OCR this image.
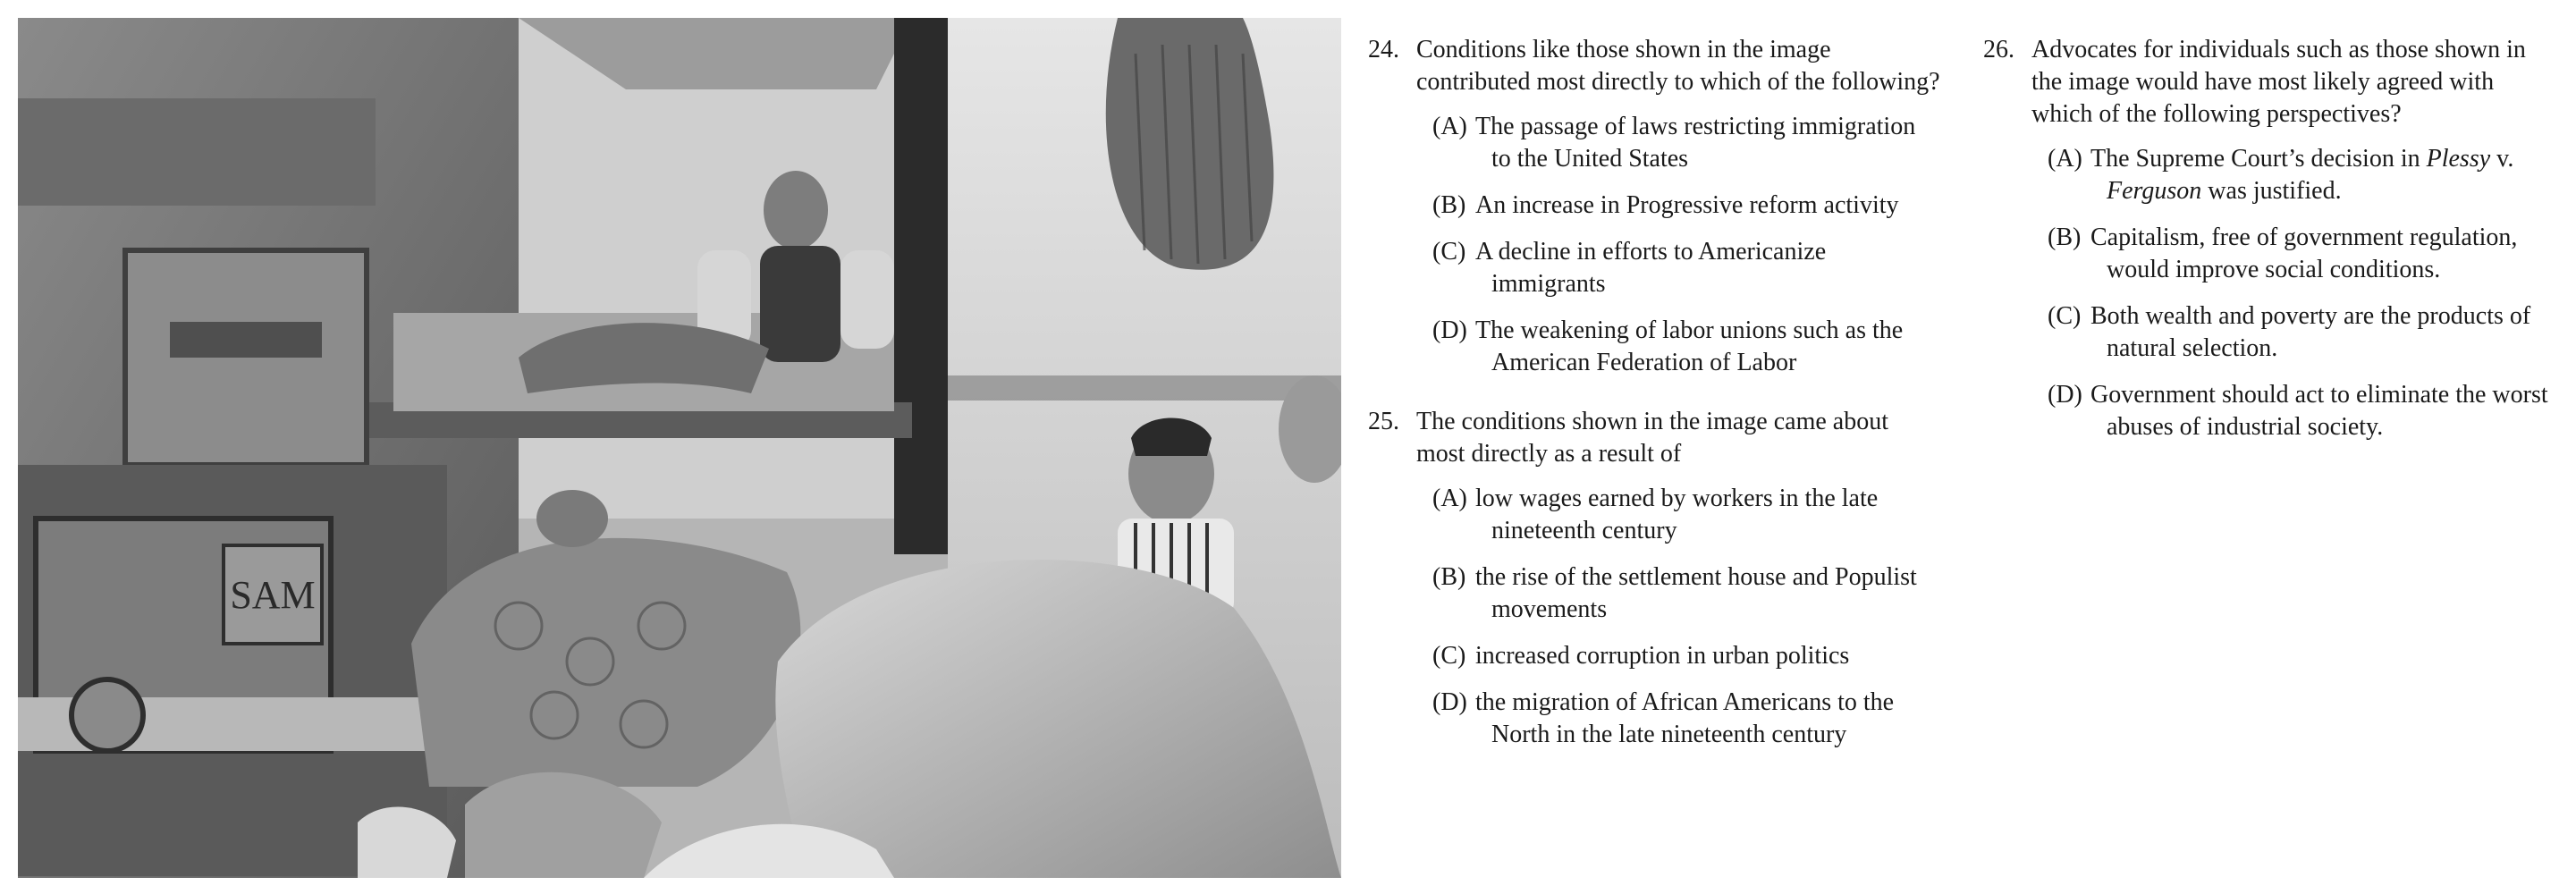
SAM
24. Conditions like those shown in the image contributed most directly to which of the following?
(A) The passage of laws restricting immigration to the United States
(B) An increase in Progressive reform activity
(C) A decline in efforts to Americanize immigrants
(D) The weakening of labor unions such as the American Federation of Labor
25. The conditions shown in the image came about most directly as a result of
(A) low wages earned by workers in the late nineteenth century
(B) the rise of the settlement house and Populist movements
(C) increased corruption in urban politics
(D) the migration of African Americans to the North in the late nineteenth century
26. Advocates for individuals such as those shown in the image would have most likely agreed with which of the following perspectives?
(A) The Supreme Court’s decision in Plessy v. Ferguson was justified.
(B) Capitalism, free of government regulation, would improve social conditions.
(C) Both wealth and poverty are the products of natural selection.
(D) Government should act to eliminate the worst abuses of industrial society.
